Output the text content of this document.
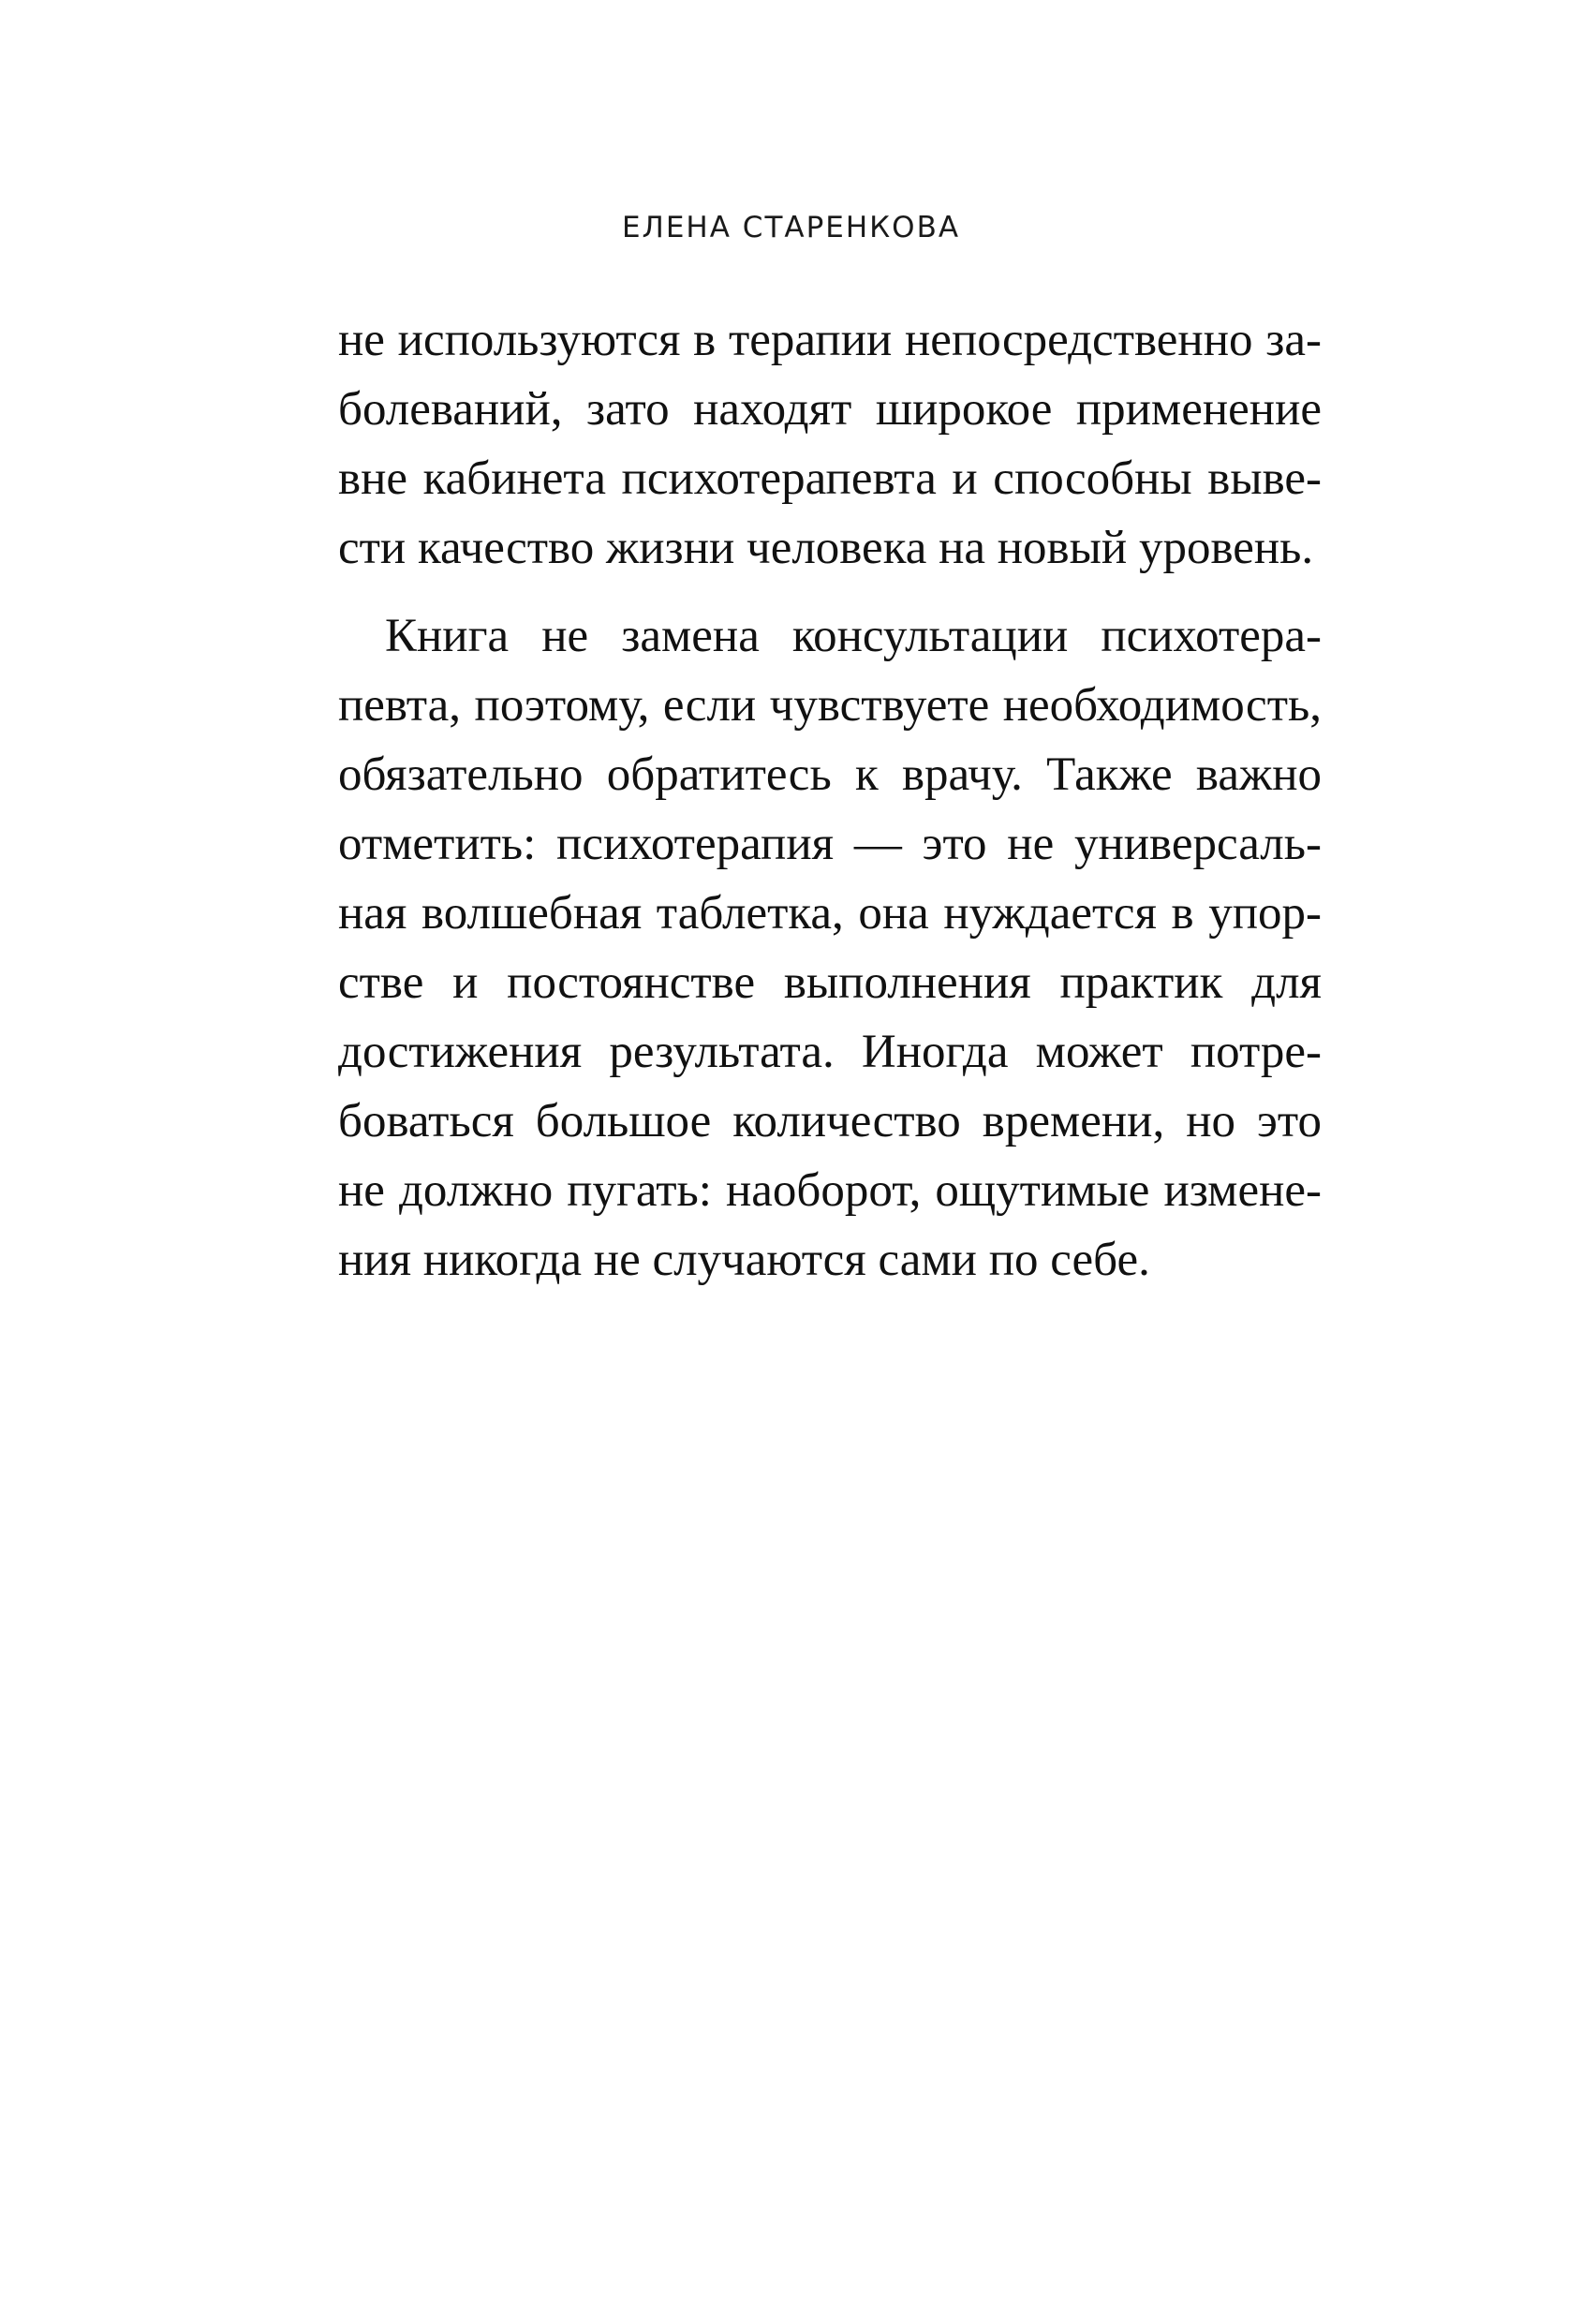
ЕЛЕНА СТАРЕНКОВА
не используются в терапии непосредственно за-
болеваний, зато находят широкое применение
вне кабинета психотерапевта и способны выве-
сти качество жизни человека на новый уровень.
Книга не замена консультации психотера-
певта, поэтому, если чувствуете необходимость,
обязательно обратитесь к врачу. Также важно
отметить: психотерапия — это не универсаль-
ная волшебная таблетка, она нуждается в упор-
стве и постоянстве выполнения практик для
достижения результата. Иногда может потре-
боваться большое количество времени, но это
не должно пугать: наоборот, ощутимые измене-
ния никогда не случаются сами по себе.
